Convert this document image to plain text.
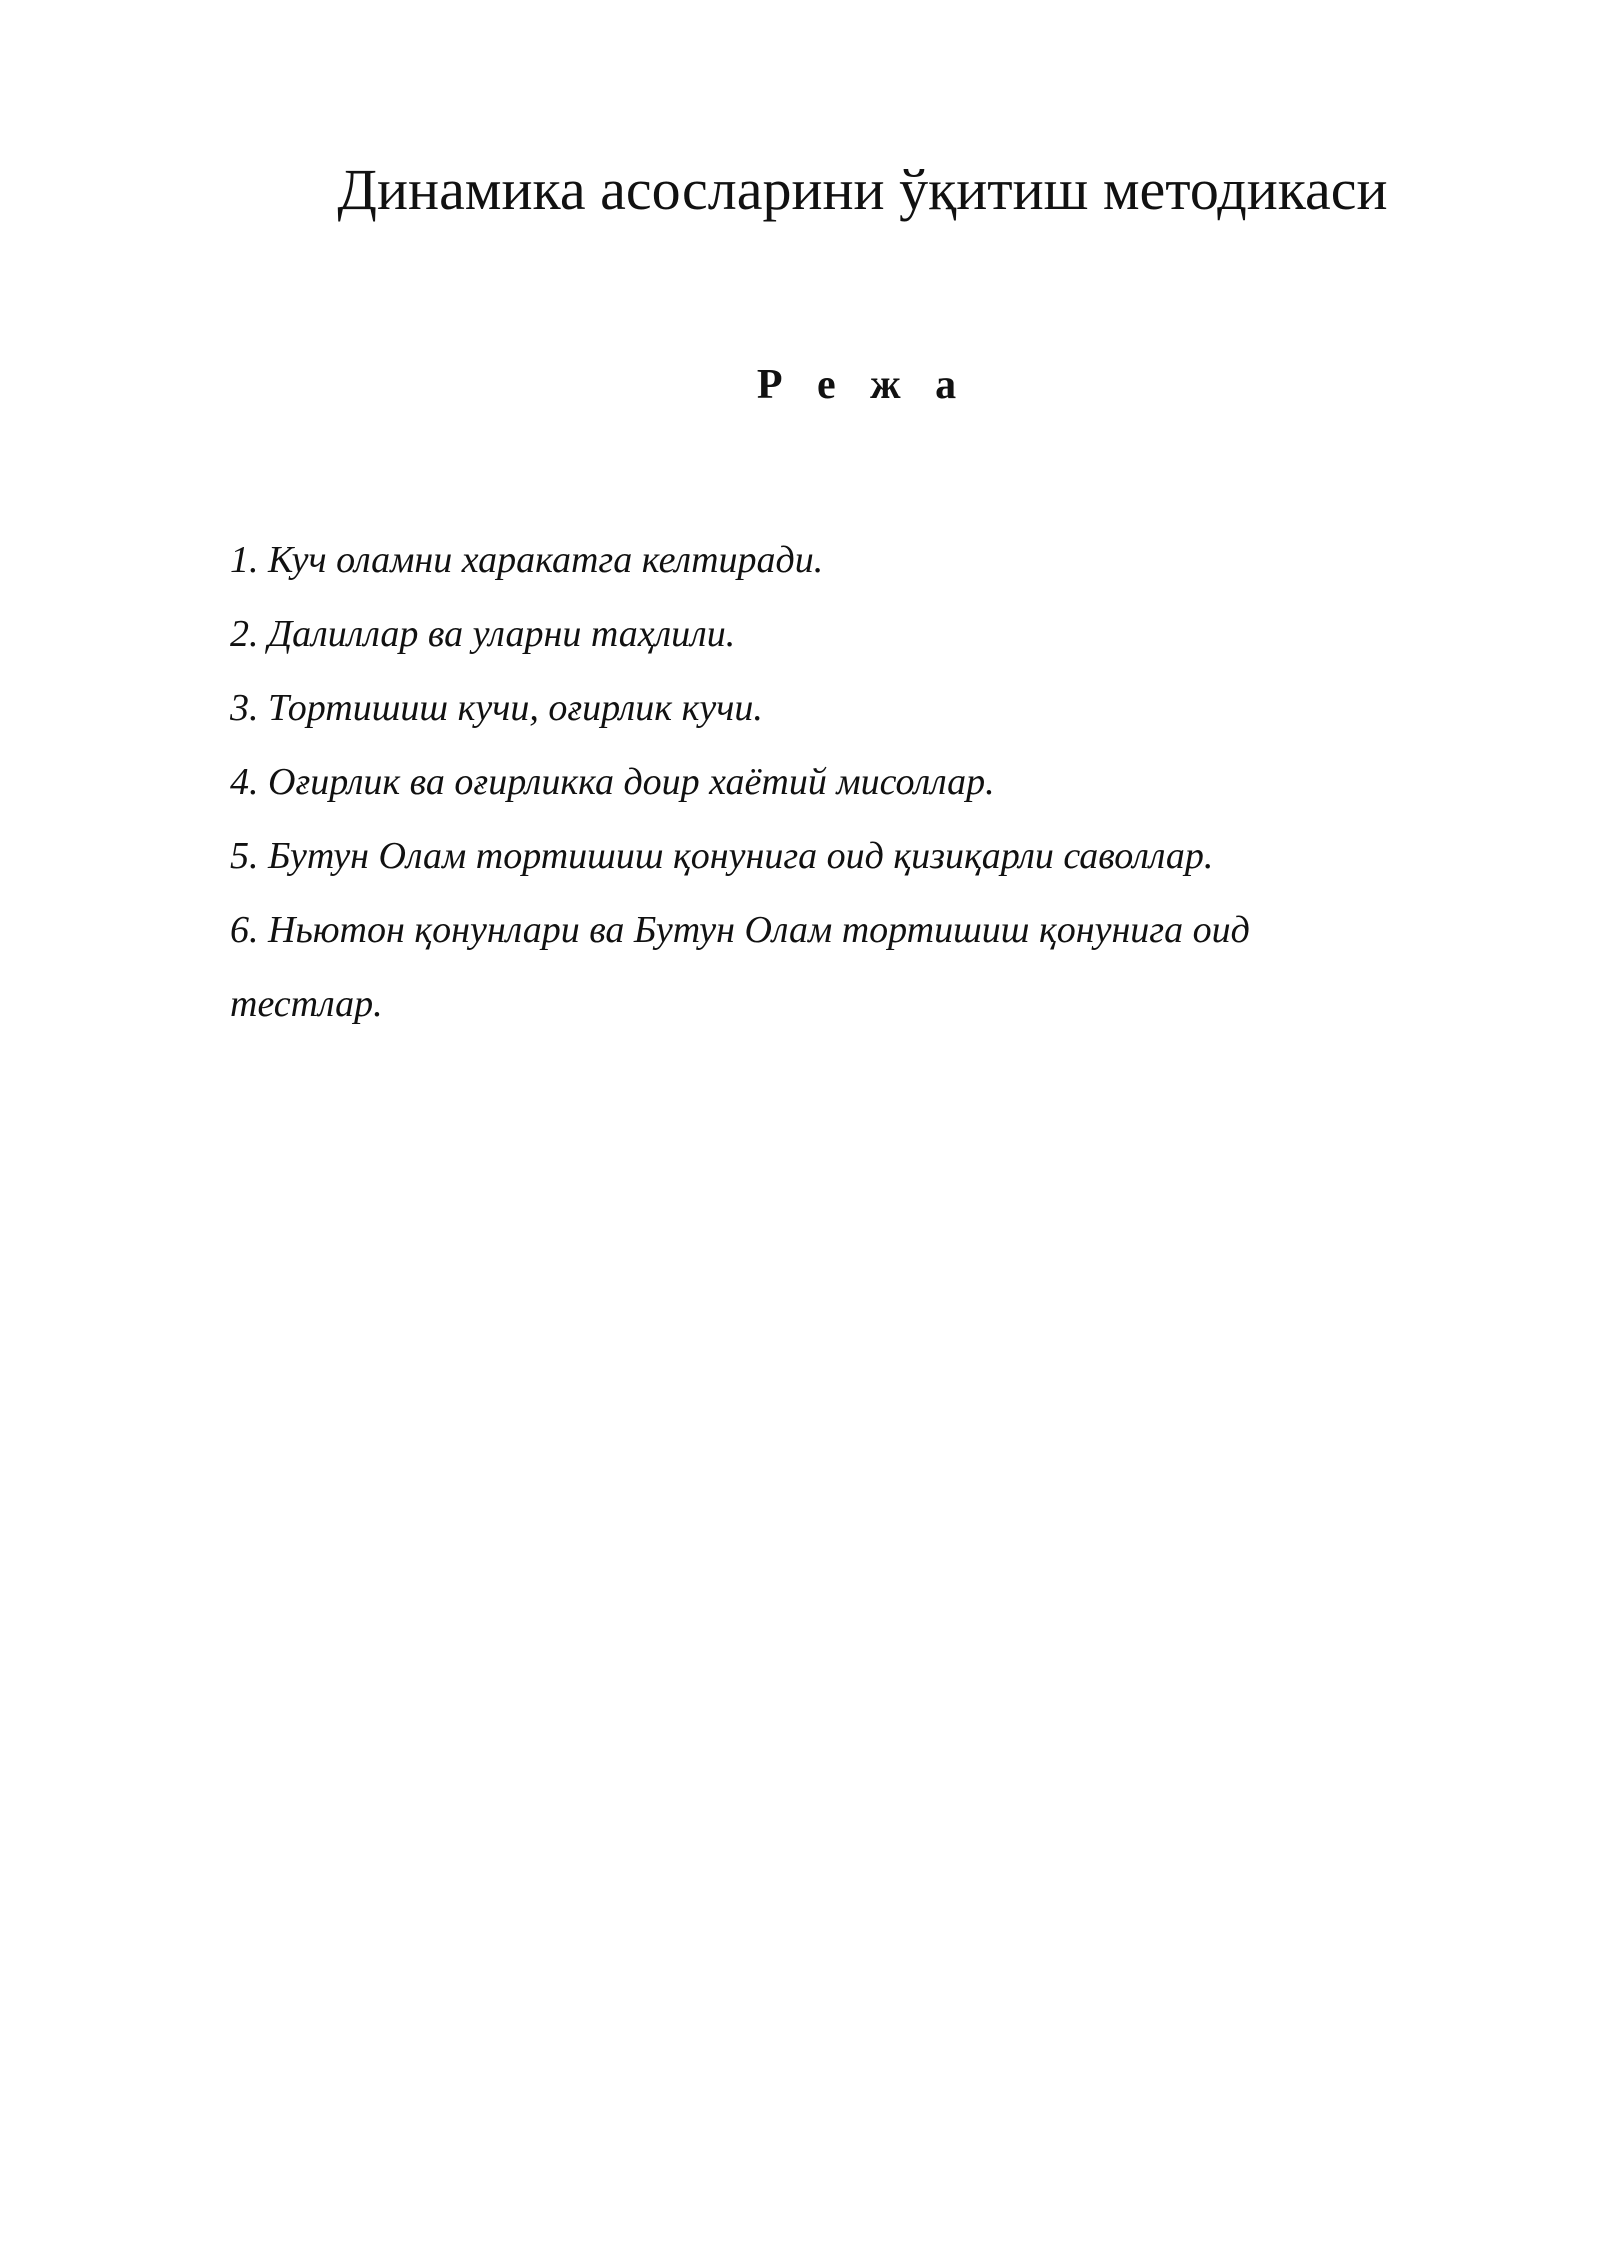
Динамика асосларини ўқитиш методикаси
Р е ж а
1. Куч оламни харакатга келтиради.
2. Далиллар ва уларни таҳлили.
3. Тортишиш кучи, оғирлик кучи.
4. Оғирлик ва оғирликка доир хаётий мисоллар.
5. Бутун Олам тортишиш қонунига оид қизиқарли саволлар.
6. Ньютон қонунлари ва Бутун Олам тортишиш қонунига оид тестлар.
